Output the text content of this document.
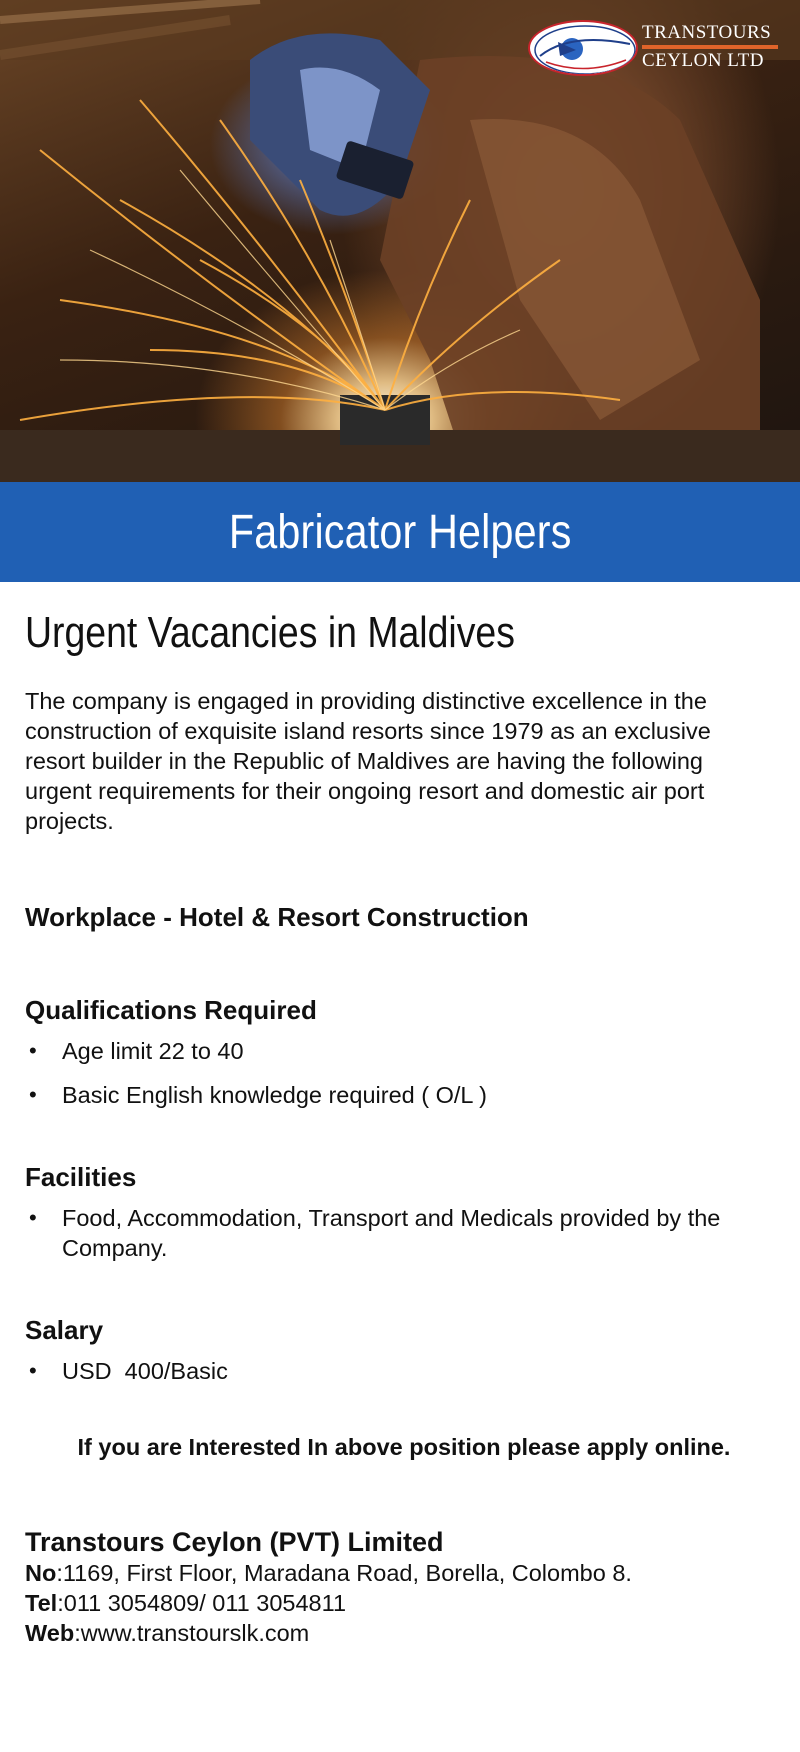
TRANSTOURS
CEYLON LTD
Fabricator Helpers
Urgent Vacancies in Maldives

The company is engaged in providing distinctive excellence in the construction of exquisite island resorts since 1979 as an exclusive resort builder in the Republic of Maldives are having the following urgent requirements for their ongoing resort and domestic air port projects.

Workplace - Hotel & Resort Construction

Qualifications Required
• Age limit 22 to 40
• Basic English knowledge required ( O/L )
Facilities
• Food, Accommodation, Transport and Medicals provided by the Company.
Salary
• USD  400/Basic

If you are Interested In above position please apply online.

Transtours Ceylon (PVT) Limited

No:1169, First Floor, Maradana Road, Borella, Colombo 8.

Tel:011 3054809/ 011 3054811

Web:www.transtourslk.com
